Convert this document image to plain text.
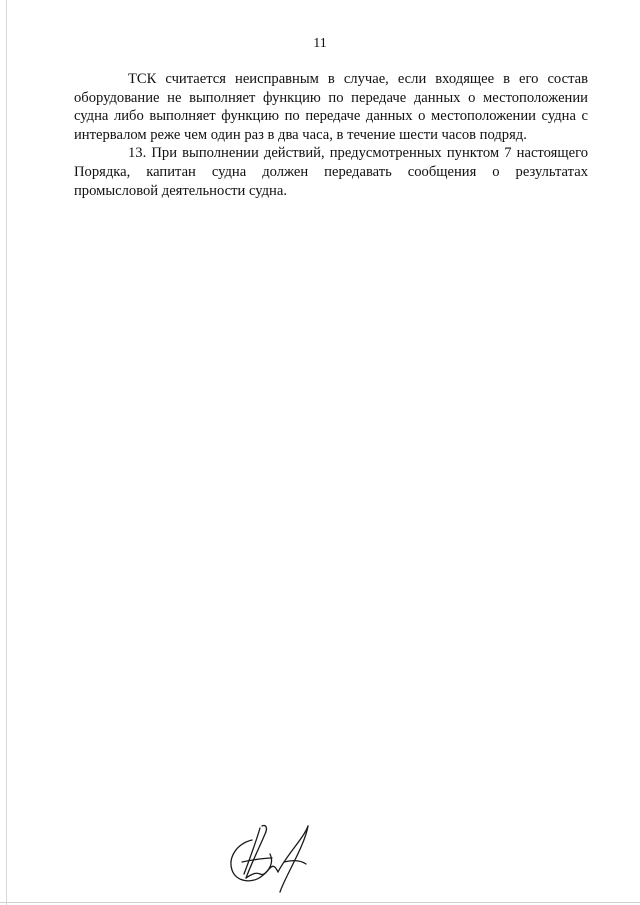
11

ТСК считается неисправным в случае, если входящее в его состав оборудование не выполняет функцию по передаче данных о местоположении судна либо выполняет функцию по передаче данных о местоположении судна с интервалом реже чем один раз в два часа, в течение шести часов подряд.

13. При выполнении действий, предусмотренных пунктом 7 настоящего Порядка, капитан судна должен передавать сообщения о результатах промысловой деятельности судна.
